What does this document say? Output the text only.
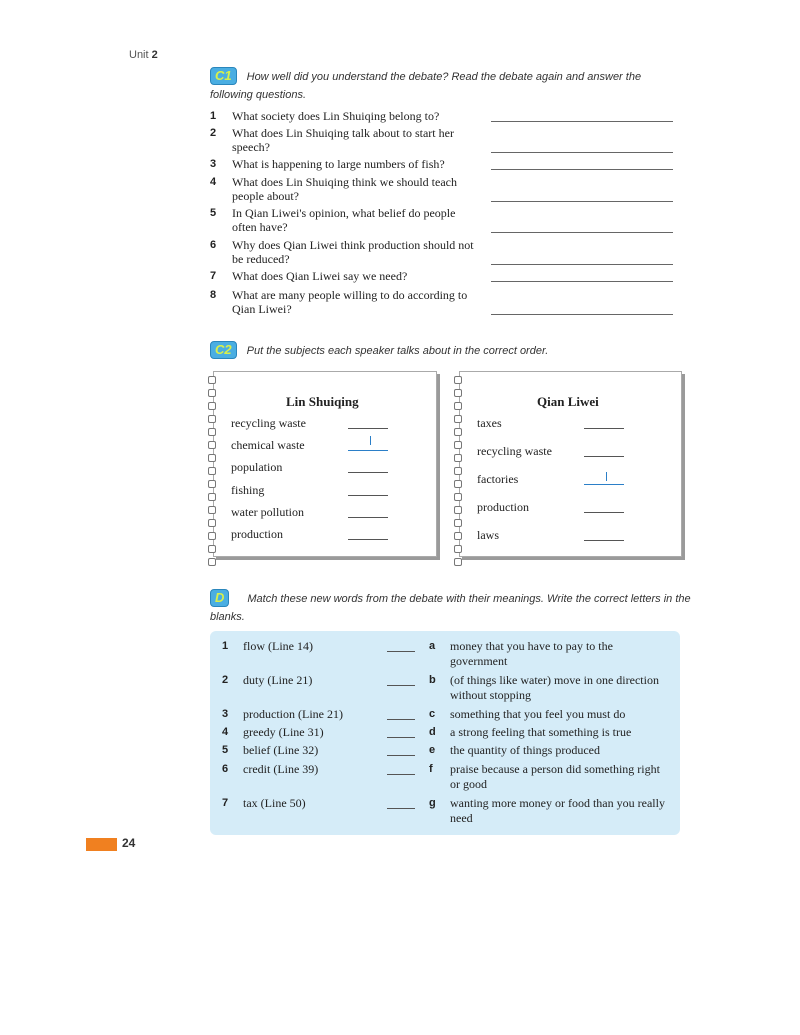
Unit 2
C1 How well did you understand the debate? Read the debate again and answer the following questions.
1 What society does Lin Shuiqing belong to?
2 What does Lin Shuiqing talk about to start her speech?
3 What is happening to large numbers of fish?
4 What does Lin Shuiqing think we should teach people about?
5 In Qian Liwei's opinion, what belief do people often have?
6 Why does Qian Liwei think production should not be reduced?
7 What does Qian Liwei say we need?
8 What are many people willing to do according to Qian Liwei?
C2 Put the subjects each speaker talks about in the correct order.
Lin Shuiqing
recycling waste
chemical waste
population
fishing
water pollution
production
Qian Liwei
taxes
recycling waste
factories
production
laws
D Match these new words from the debate with their meanings. Write the correct letters in the blanks.
1 flow (Line 14)
2 duty (Line 21)
3 production (Line 21)
4 greedy (Line 31)
5 belief (Line 32)
6 credit (Line 39)
7 tax (Line 50)
a money that you have to pay to the government
b (of things like water) move in one direction without stopping
c something that you feel you must do
d a strong feeling that something is true
e the quantity of things produced
f praise because a person did something right or good
g wanting more money or food than you really need
24
